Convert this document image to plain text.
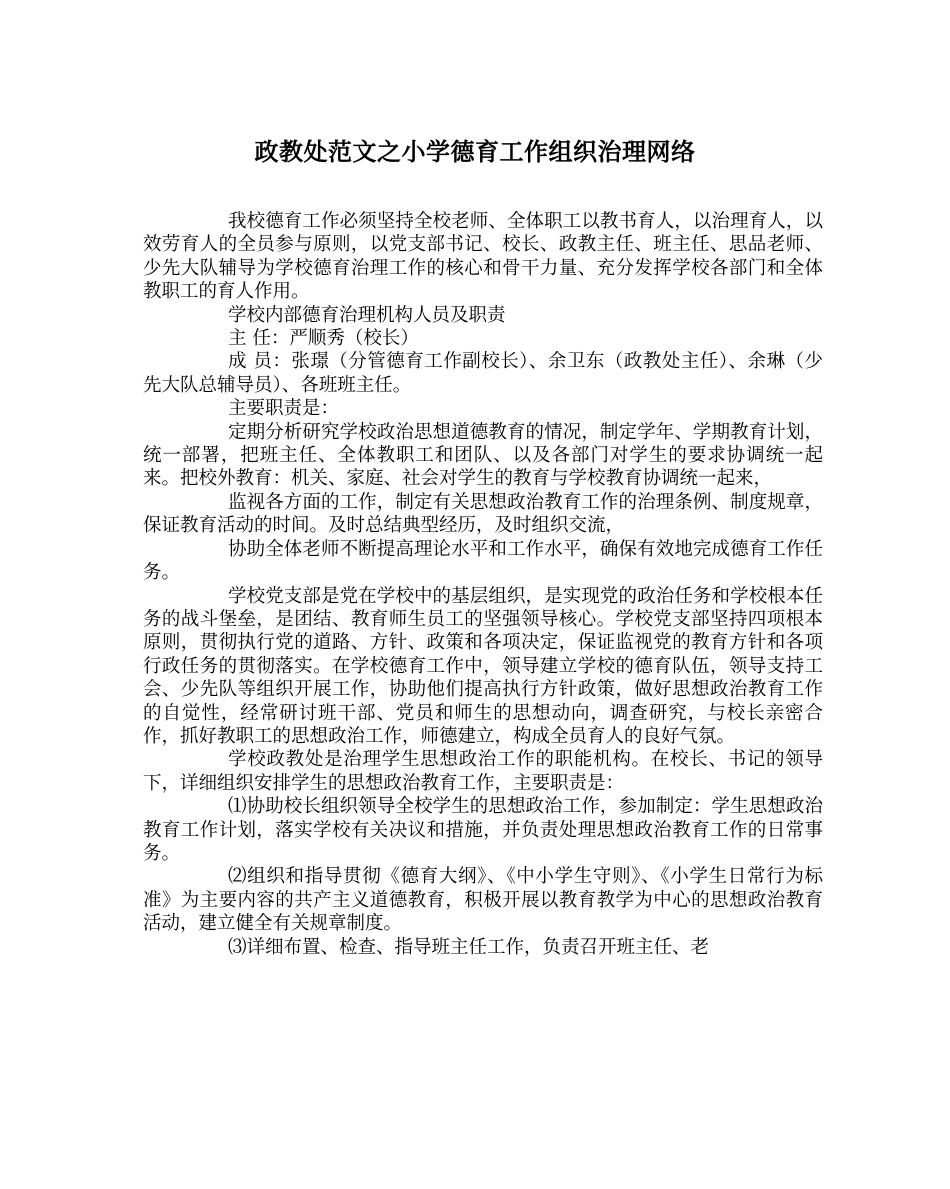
政教处范文之小学德育工作组织治理网络

我校德育工作必须坚持全校老师、全体职工以教书育人，以治理育人，以效劳育人的全员参与原则，以党支部书记、校长、政教主任、班主任、思品老师、少先大队辅导为学校德育治理工作的核心和骨干力量、充分发挥学校各部门和全体教职工的育人作用。

学校内部德育治理机构人员及职责

主 任：严顺秀（校长）

成 员：张璟（分管德育工作副校长）、余卫东（政教处主任）、余琳（少先大队总辅导员）、各班班主任。

主要职责是：

定期分析研究学校政治思想道德教育的情况，制定学年、学期教育计划，统一部署，把班主任、全体教职工和团队、以及各部门对学生的要求协调统一起来。把校外教育：机关、家庭、社会对学生的教育与学校教育协调统一起来，

监视各方面的工作，制定有关思想政治教育工作的治理条例、制度规章，保证教育活动的时间。及时总结典型经历，及时组织交流，

协助全体老师不断提高理论水平和工作水平，确保有效地完成德育工作任务。

学校党支部是党在学校中的基层组织，是实现党的政治任务和学校根本任务的战斗堡垒，是团结、教育师生员工的坚强领导核心。学校党支部坚持四项根本原则，贯彻执行党的道路、方针、政策和各项决定，保证监视党的教育方针和各项行政任务的贯彻落实。在学校德育工作中，领导建立学校的德育队伍，领导支持工会、少先队等组织开展工作，协助他们提高执行方针政策，做好思想政治教育工作的自觉性，经常研讨班干部、党员和师生的思想动向，调查研究，与校长亲密合作，抓好教职工的思想政治工作，师德建立，构成全员育人的良好气氛。

学校政教处是治理学生思想政治工作的职能机构。在校长、书记的领导下，详细组织安排学生的思想政治教育工作，主要职责是：

⑴协助校长组织领导全校学生的思想政治工作，参加制定：学生思想政治教育工作计划，落实学校有关决议和措施，并负责处理思想政治教育工作的日常事务。

⑵组织和指导贯彻《德育大纲》、《中小学生守则》、《小学生日常行为标准》为主要内容的共产主义道德教育，积极开展以教育教学为中心的思想政治教育活动，建立健全有关规章制度。

⑶详细布置、检查、指导班主任工作，负责召开班主任、老
